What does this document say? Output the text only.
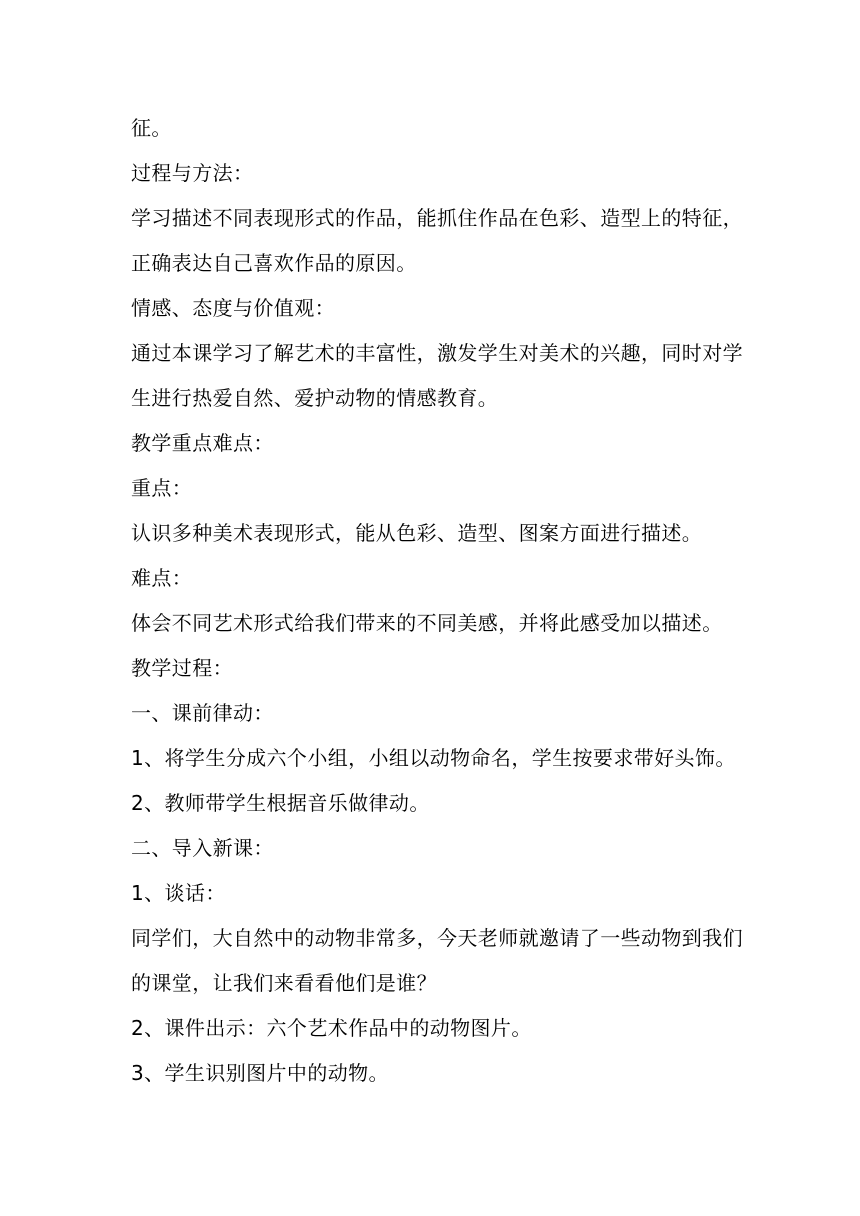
征。
过程与方法：
学习描述不同表现形式的作品，能抓住作品在色彩、造型上的特征，
正确表达自己喜欢作品的原因。
情感、态度与价值观：
通过本课学习了解艺术的丰富性，激发学生对美术的兴趣，同时对学
生进行热爱自然、爱护动物的情感教育。
教学重点难点：
重点：
认识多种美术表现形式，能从色彩、造型、图案方面进行描述。
难点：
体会不同艺术形式给我们带来的不同美感，并将此感受加以描述。
教学过程：
一、课前律动：
1、将学生分成六个小组，小组以动物命名，学生按要求带好头饰。
2、教师带学生根据音乐做律动。
二、导入新课：
1、谈话：
同学们，大自然中的动物非常多，今天老师就邀请了一些动物到我们
的课堂，让我们来看看他们是谁？
2、课件出示：六个艺术作品中的动物图片。
3、学生识别图片中的动物。
